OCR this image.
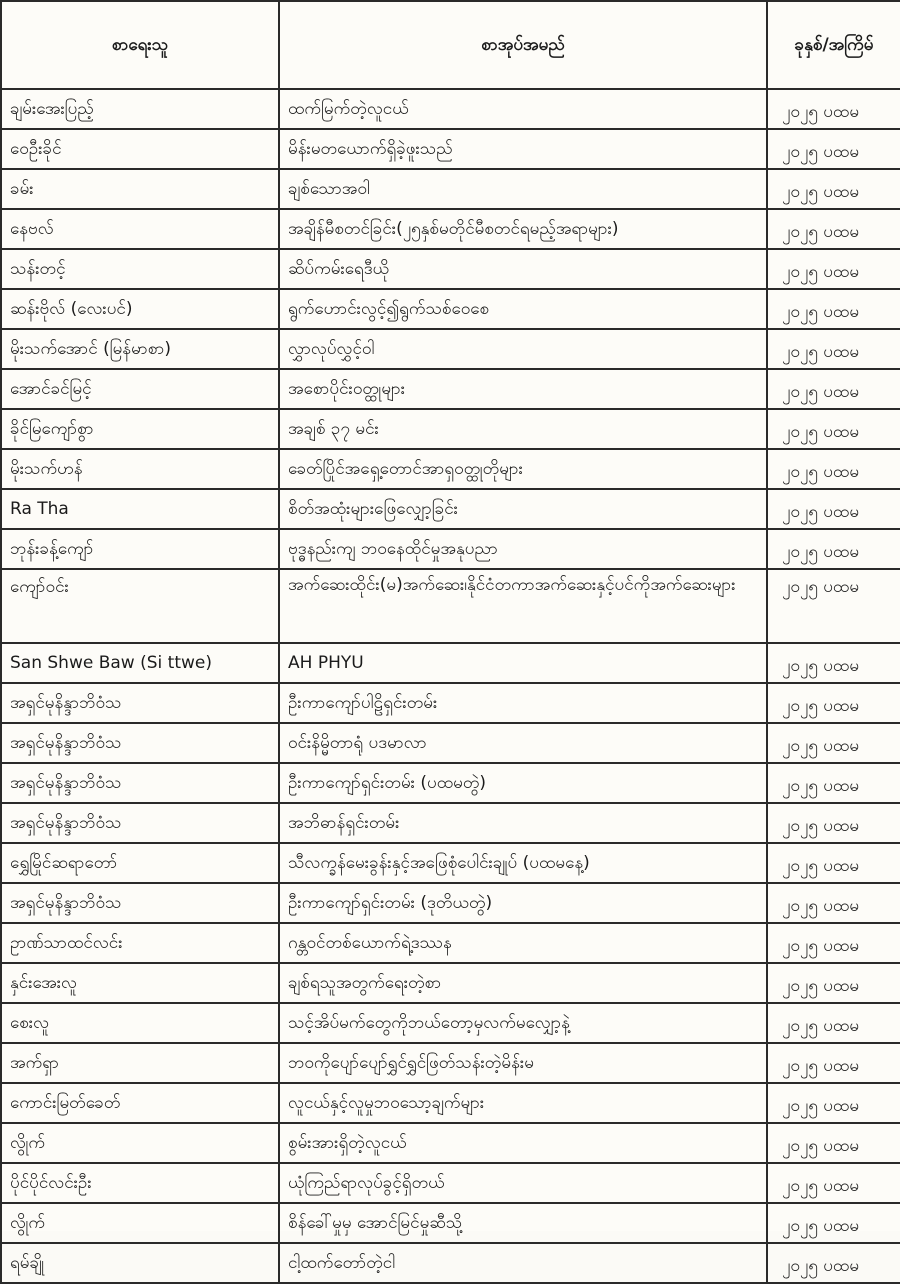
စာရေးသူ	စာအုပ်အမည်	ခုနှစ်/အကြိမ်
ချမ်းအေးပြည့်	ထက်မြက်တဲ့လူငယ်	၂၀၂၅ ပထမ
ဝေဦးခိုင်	မိန်းမတယောက်ရှိခဲ့ဖူးသည်	၂၀၂၅ ပထမ
ခမ်း	ချစ်သောအဝါ	၂၀၂၅ ပထမ
နေဗလ်	အချိန်မီစတင်ခြင်း(၂၅နှစ်မတိုင်မီစတင်ရမည့်အရာများ)	၂၀၂၅ ပထမ
သန်းတင့်	ဆိပ်ကမ်းရေဒီယို	၂၀၂၅ ပထမ
ဆန်းဗိုလ် (လေးပင်)	ရွက်ဟောင်းလွင့်၍ရွက်သစ်ဝေစေ	၂၀၂၅ ပထမ
မိုးသက်အောင် (မြန်မာစာ)	လွှာလုပ်လွှင့်ဝါ	၂၀၂၅ ပထမ
အောင်ခင်မြင့်	အစောပိုင်းဝတ္ထုများ	၂၀၂၅ ပထမ
ခိုင်မြကျော်စွာ	အချစ် ၃၇ မင်း	၂၀၂၅ ပထမ
မိုးသက်ဟန်	ခေတ်ပြိုင်အရှေ့တောင်အာရှဝတ္ထုတိုများ	၂၀၂၅ ပထမ
Ra Tha	စိတ်အထုံးများဖြေလျှော့ခြင်း	၂၀၂၅ ပထမ
ဘုန်းခန့်ကျော်	ဗုဒ္ဓနည်းကျ ဘဝနေထိုင်မှုအနုပညာ	၂၀၂၅ ပထမ
ကျော်ဝင်း	အက်ဆေးထိုင်း(မ)အက်ဆေး၊နိုင်ငံတကာအက်ဆေးနှင့်ပင်ကိုအက်ဆေးများ	၂၀၂၅ ပထမ
San Shwe Baw (Si ttwe)	AH PHYU	၂၀၂၅ ပထမ
အရှင်မုနိန္ဒာဘိဝံသ	ဦးကာကျော်ပါဠိရှင်းတမ်း	၂၀၂၅ ပထမ
အရှင်မုနိန္ဒာဘိဝံသ	ဝင်းနိမ္မိတာရုံ ပဒမာလာ	၂၀၂၅ ပထမ
အရှင်မုနိန္ဒာဘိဝံသ	ဦးကာကျော်ရှင်းတမ်း (ပထမတွဲ)	၂၀၂၅ ပထမ
အရှင်မုနိန္ဒာဘိဝံသ	အဘိဓာန်ရှင်းတမ်း	၂၀၂၅ ပထမ
ရွှေမြိုင်ဆရာတော်	သီလက္ခန်မေးခွန်းနှင့်အဖြေစုံပေါင်းချုပ် (ပထမနေ့)	၂၀၂၅ ပထမ
အရှင်မုနိန္ဒာဘိဝံသ	ဦးကာကျော်ရှင်းတမ်း (ဒုတိယတွဲ)	၂၀၂၅ ပထမ
ဥာဏ်သာထင်လင်း	ဂန္တဝင်တစ်ယောက်ရဲ့ဒဿန	၂၀၂၅ ပထမ
နှင်းအေးလူ	ချစ်ရသူအတွက်ရေးတဲ့စာ	၂၀၂၅ ပထမ
စေးလူ	သင့်အိပ်မက်တွေကိုဘယ်တော့မှလက်မလျှော့နဲ့	၂၀၂၅ ပထမ
အက်ရှာ	ဘဝကိုပျော်ပျော်ရွှင်ရွှင်ဖြတ်သန်းတဲ့မိန်းမ	၂၀၂၅ ပထမ
ကောင်းမြတ်ခေတ်	လူငယ်နှင့်လူမှုဘဝသော့ချက်များ	၂၀၂၅ ပထမ
လွိုက်	စွမ်းအားရှိတဲ့လူငယ်	၂၀၂၅ ပထမ
ပိုင်ပိုင်လင်းဦး	ယုံကြည်ရာလုပ်ခွင့်ရှိတယ်	၂၀၂၅ ပထမ
လွိုက်	စိန်ခေါ်မှုမှ အောင်မြင်မှုဆီသို့	၂၀၂၅ ပထမ
ရမ်ချို	ငါ့ထက်တော်တဲ့ငါ	၂၀၂၅ ပထမ
